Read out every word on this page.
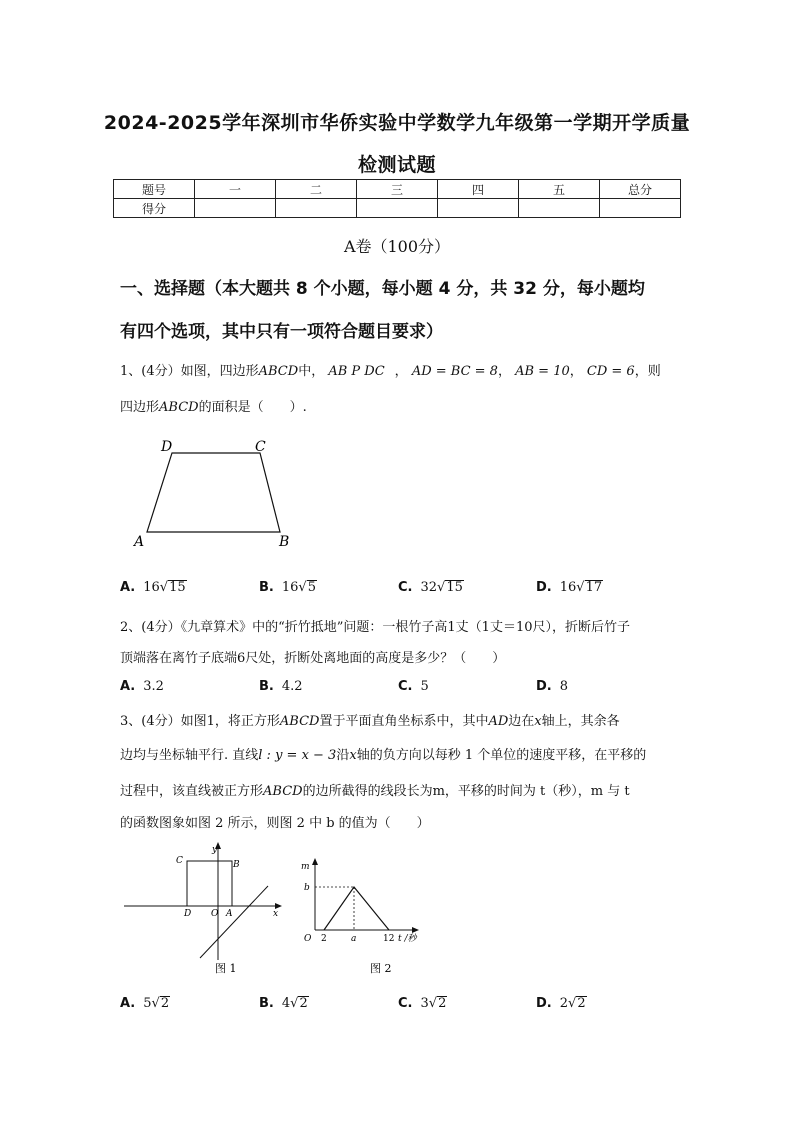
2024-2025学年深圳市华侨实验中学数学九年级第一学期开学质量
检测试题
题号	一	二	三	四	五	总分
得分						
A卷（100分）
一、选择题（本大题共 8 个小题，每小题 4 分，共 32 分，每小题均
有四个选项，其中只有一项符合题目要求）
1、(4分）如图，四边形ABCD中， AB P DC ， AD = BC = 8， AB = 10， CD = 6，则
四边形ABCD的面积是（　　）.
D	C
A	B
A. 16√15	B. 16√5	C. 32√15	D. 16√17
2、(4分）《九章算术》中的“折竹抵地”问题：一根竹子高1丈（1丈＝10尺），折断后竹子
顶端落在离竹子底端6尺处，折断处离地面的高度是多少？（　　）
A. 3.2	B. 4.2	C. 5	D. 8
3、(4分）如图1，将正方形ABCD置于平面直角坐标系中，其中AD边在x轴上，其余各
边均与坐标轴平行. 直线l : y = x − 3沿x轴的负方向以每秒 1 个单位的速度平移，在平移的
过程中，该直线被正方形ABCD的边所截得的线段长为m，平移的时间为 t（秒），m 与 t
的函数图象如图 2 所示，则图 2 中 b 的值为（　　）
C	B
y
D O A	x
图 1
m
b
O 2	a	12 t /秒
图 2
A. 5√2	B. 4√2	C. 3√2	D. 2√2
